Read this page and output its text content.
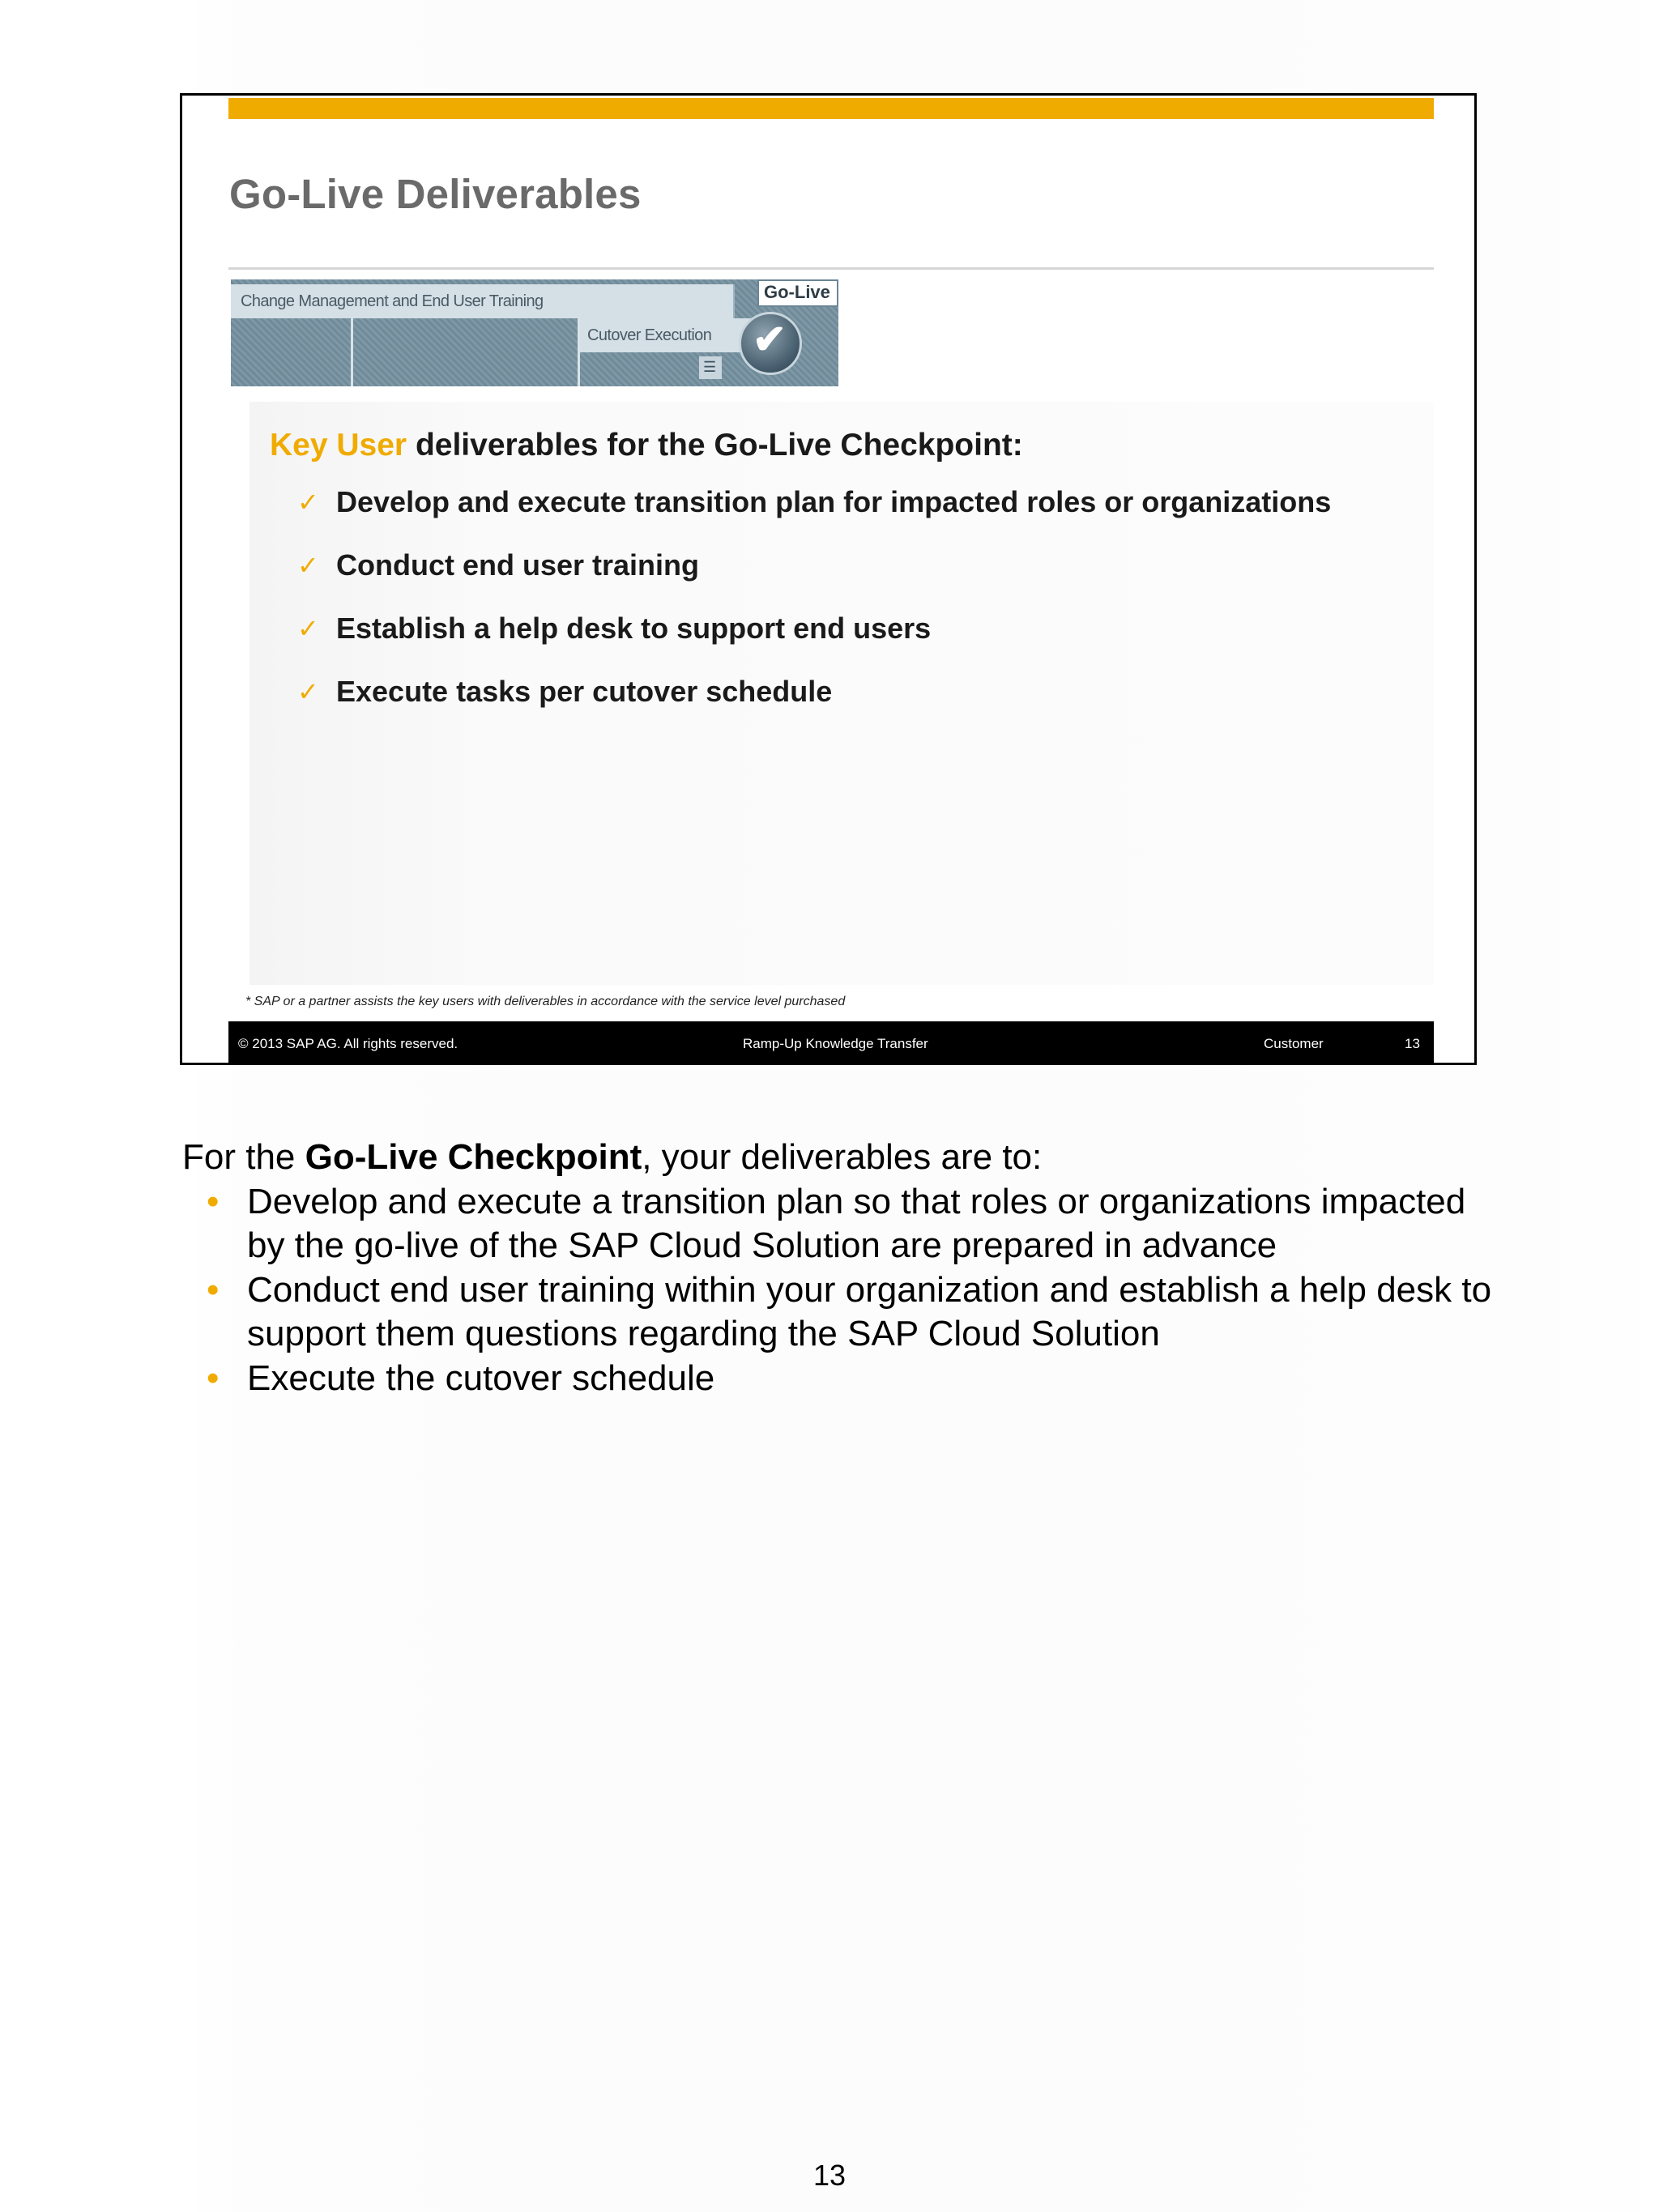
Go-Live Deliverables
Change Management and End User Training
Cutover Execution
Go-Live
✔
☰
Key User deliverables for the Go-Live Checkpoint:
✓ Develop and execute transition plan for impacted roles or organizations
✓ Conduct end user training
✓ Establish a help desk to support end users
✓ Execute tasks per cutover schedule
* SAP or a partner assists the key users with deliverables in accordance with the service level purchased
© 2013 SAP AG. All rights reserved.	Ramp-Up Knowledge Transfer	Customer	13

For the Go-Live Checkpoint, your deliverables are to:

• Develop and execute a transition plan so that roles or organizations impacted by the go-live of the SAP Cloud Solution are prepared in advance
• Conduct end user training within your organization and establish a help desk to support them questions regarding the SAP Cloud Solution
• Execute the cutover schedule
13
